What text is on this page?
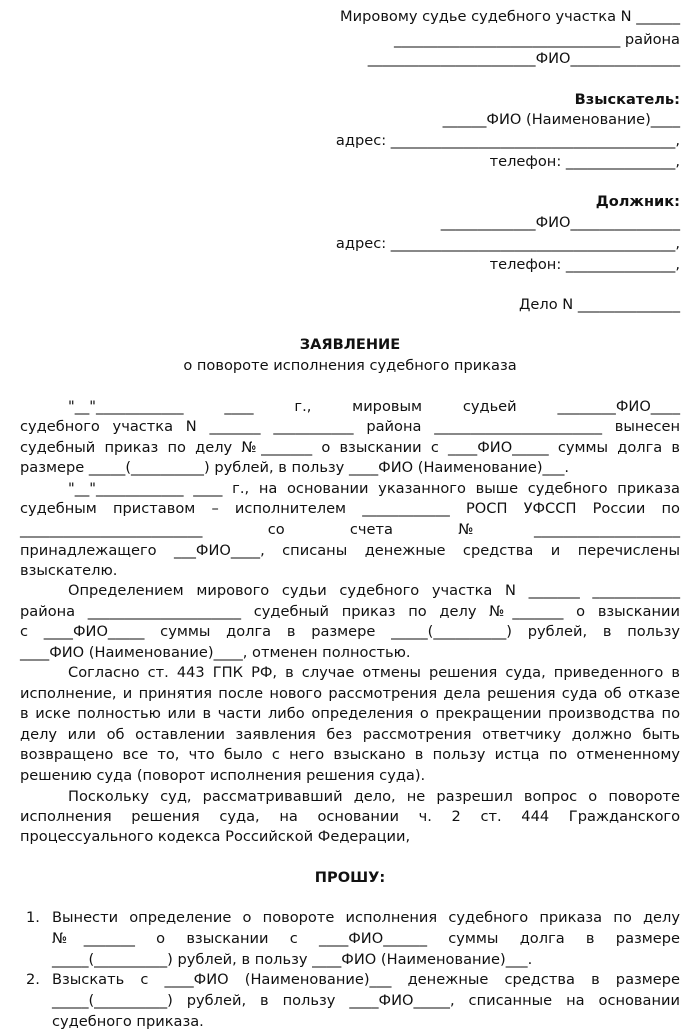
Мировому судье судебного участка N ______
_______________________________ района
_______________________ФИО_______________
Взыскатель:
______ФИО (Наименование)____
адрес: _______________________________________,
телефон: _______________,
Должник:
_____________ФИО_______________
адрес: _______________________________________,
телефон: _______________,
Дело N ______________
ЗАЯВЛЕНИЕ
о повороте исполнения судебного приказа
"__"____________ ____ г., мировым судьей ________ФИО____
судебного участка N _______ ___________ района _______________________ вынесен
судебный приказ по делу №_______ о взыскании с ____ФИО_____ суммы долга в
размере _____(__________) рублей, в пользу ____ФИО (Наименование)___.
"__"____________ ____ г., на основании указанного выше судебного приказа
судебным приставом – исполнителем ____________ РОСП УФССП России по
_________________________ со счета №____________________
принадлежащего ___ФИО____, списаны денежные средства и перечислены
взыскателю.
Определением мирового судьи судебного участка N _______ ____________
района _____________________ судебный приказ по делу №_______ о взыскании
с ____ФИО_____ суммы долга в размере _____(__________) рублей, в пользу
____ФИО (Наименование)____, отменен полностью.
Согласно ст. 443 ГПК РФ, в случае отмены решения суда, приведенного в
исполнение, и принятия после нового рассмотрения дела решения суда об отказе
в иске полностью или в части либо определения о прекращении производства по
делу или об оставлении заявления без рассмотрения ответчику должно быть
возвращено все то, что было с него взыскано в пользу истца по отмененному
решению суда (поворот исполнения решения суда).
Поскольку суд, рассматривавший дело, не разрешил вопрос о повороте
исполнения решения суда, на основании ч. 2 ст. 444 Гражданского
процессуального кодекса Российской Федерации,
ПРОШУ:
1. Вынести определение о повороте исполнения судебного приказа по делу
№_______ о взыскании с ____ФИО______ суммы долга в размере
_____(__________) рублей, в пользу ____ФИО (Наименование)___.
2. Взыскать с ____ФИО (Наименование)___ денежные средства в размере
_____(__________) рублей, в пользу ____ФИО_____, списанные на основании
судебного приказа.
